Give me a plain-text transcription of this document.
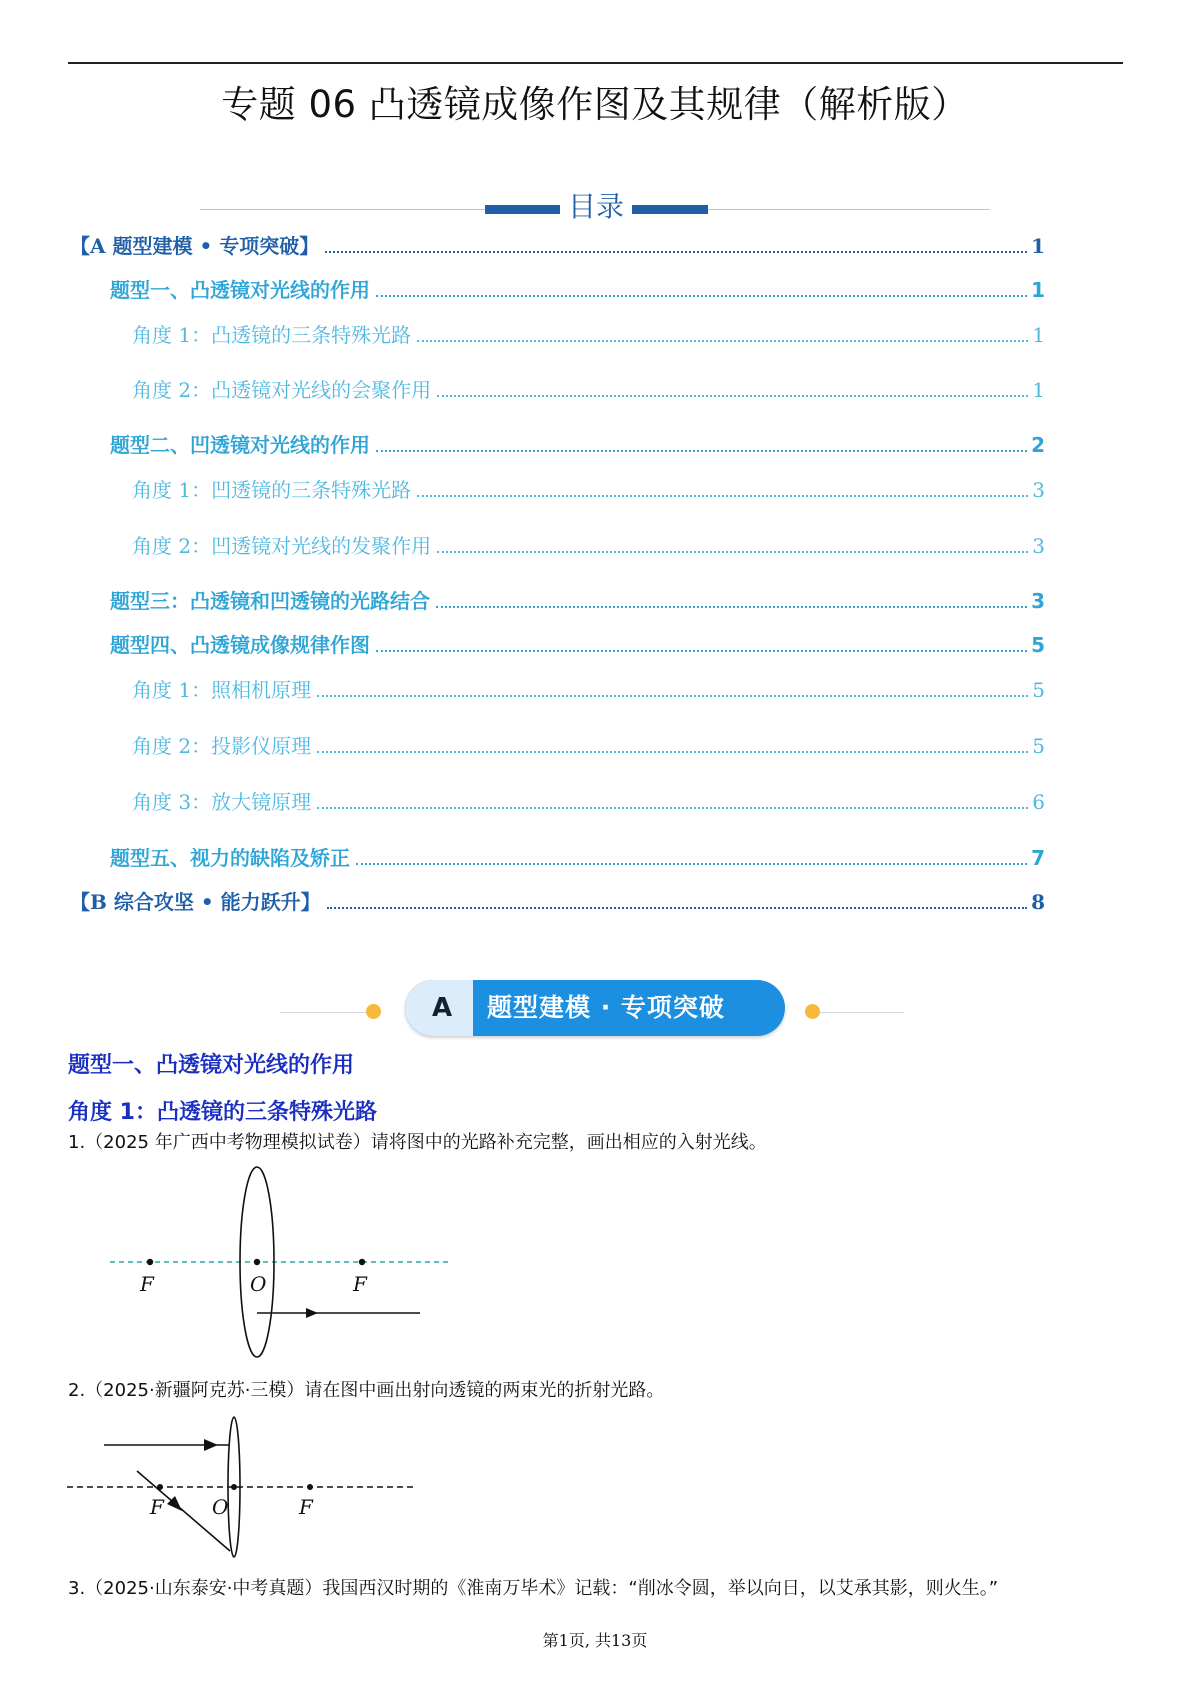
专题 06 凸透镜成像作图及其规律（解析版）
目录
【A 题型建模 • 专项突破】	1
题型一、凸透镜对光线的作用	1
角度 1：凸透镜的三条特殊光路	1
角度 2：凸透镜对光线的会聚作用	1
题型二、凹透镜对光线的作用	2
角度 1：凹透镜的三条特殊光路	3
角度 2：凹透镜对光线的发聚作用	3
题型三：凸透镜和凹透镜的光路结合	3
题型四、凸透镜成像规律作图	5
角度 1：照相机原理	5
角度 2：投影仪原理	5
角度 3：放大镜原理	6
题型五、视力的缺陷及矫正	7
【B 综合攻坚 • 能力跃升】	8
A	题型建模 · 专项突破
题型一、凸透镜对光线的作用
角度 1：凸透镜的三条特殊光路
1.（2025 年广西中考物理模拟试卷）请将图中的光路补充完整，画出相应的入射光线。
F	O	F
2.（2025·新疆阿克苏·三模）请在图中画出射向透镜的两束光的折射光路。
F O	F
3.（2025·山东泰安·中考真题）我国西汉时期的《淮南万毕术》记载：“削冰令圆，举以向日，以艾承其影，则火生。”
第1页, 共13页
